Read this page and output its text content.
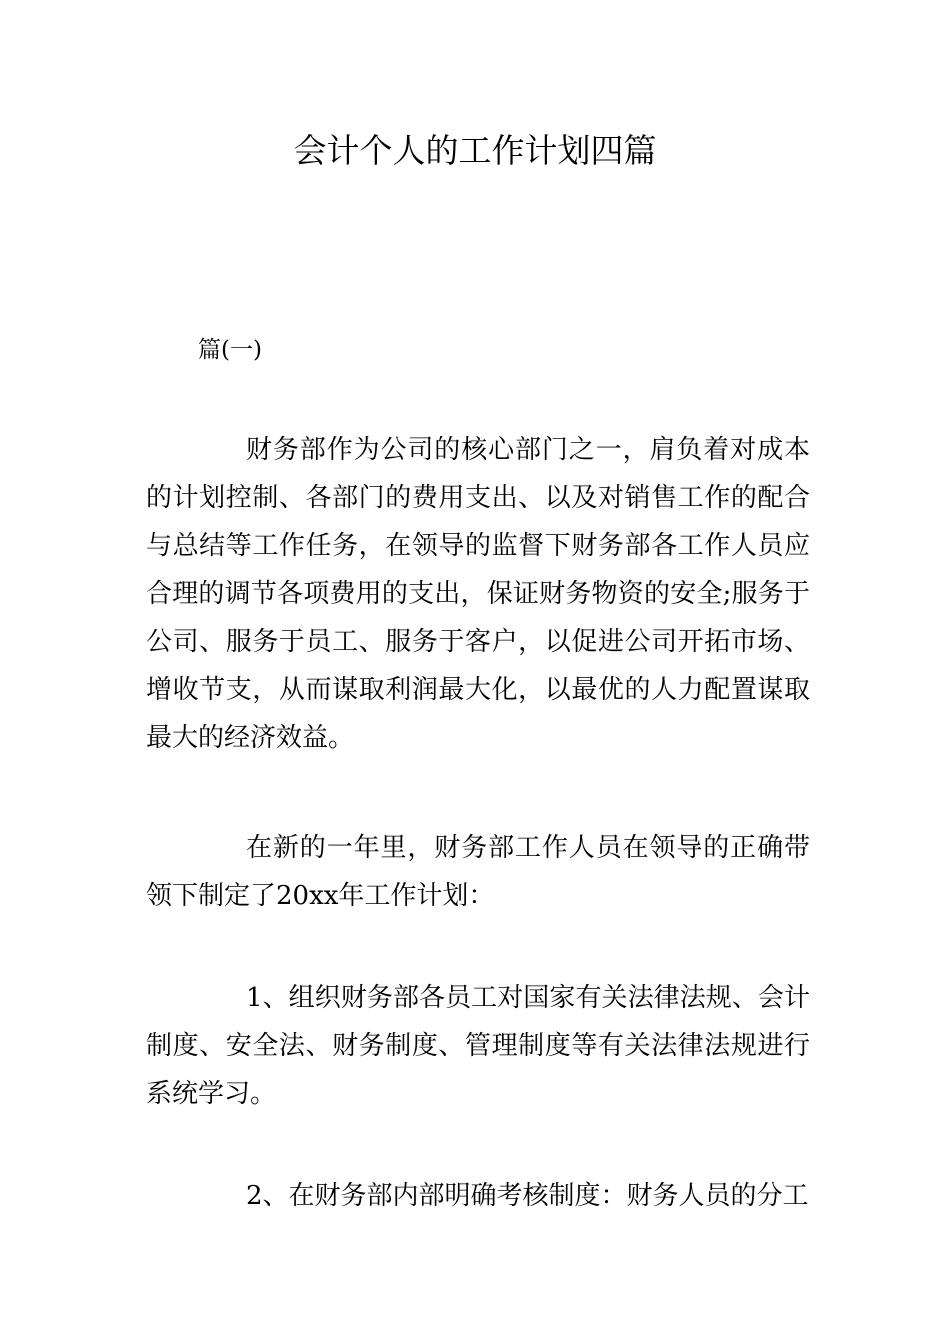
会计个人的工作计划四篇
篇(一)

财务部作为公司的核心部门之一，肩负着对成本的计划控制、各部门的费用支出、以及对销售工作的配合与总结等工作任务，在领导的监督下财务部各工作人员应合理的调节各项费用的支出，保证财务物资的安全;服务于公司、服务于员工、服务于客户，以促进公司开拓市场、增收节支，从而谋取利润最大化，以最优的人力配置谋取最大的经济效益。

在新的一年里，财务部工作人员在领导的正确带领下制定了20xx年工作计划：

1、组织财务部各员工对国家有关法律法规、会计制度、安全法、财务制度、管理制度等有关法律法规进行系统学习。

2、在财务部内部明确考核制度：财务人员的分工
